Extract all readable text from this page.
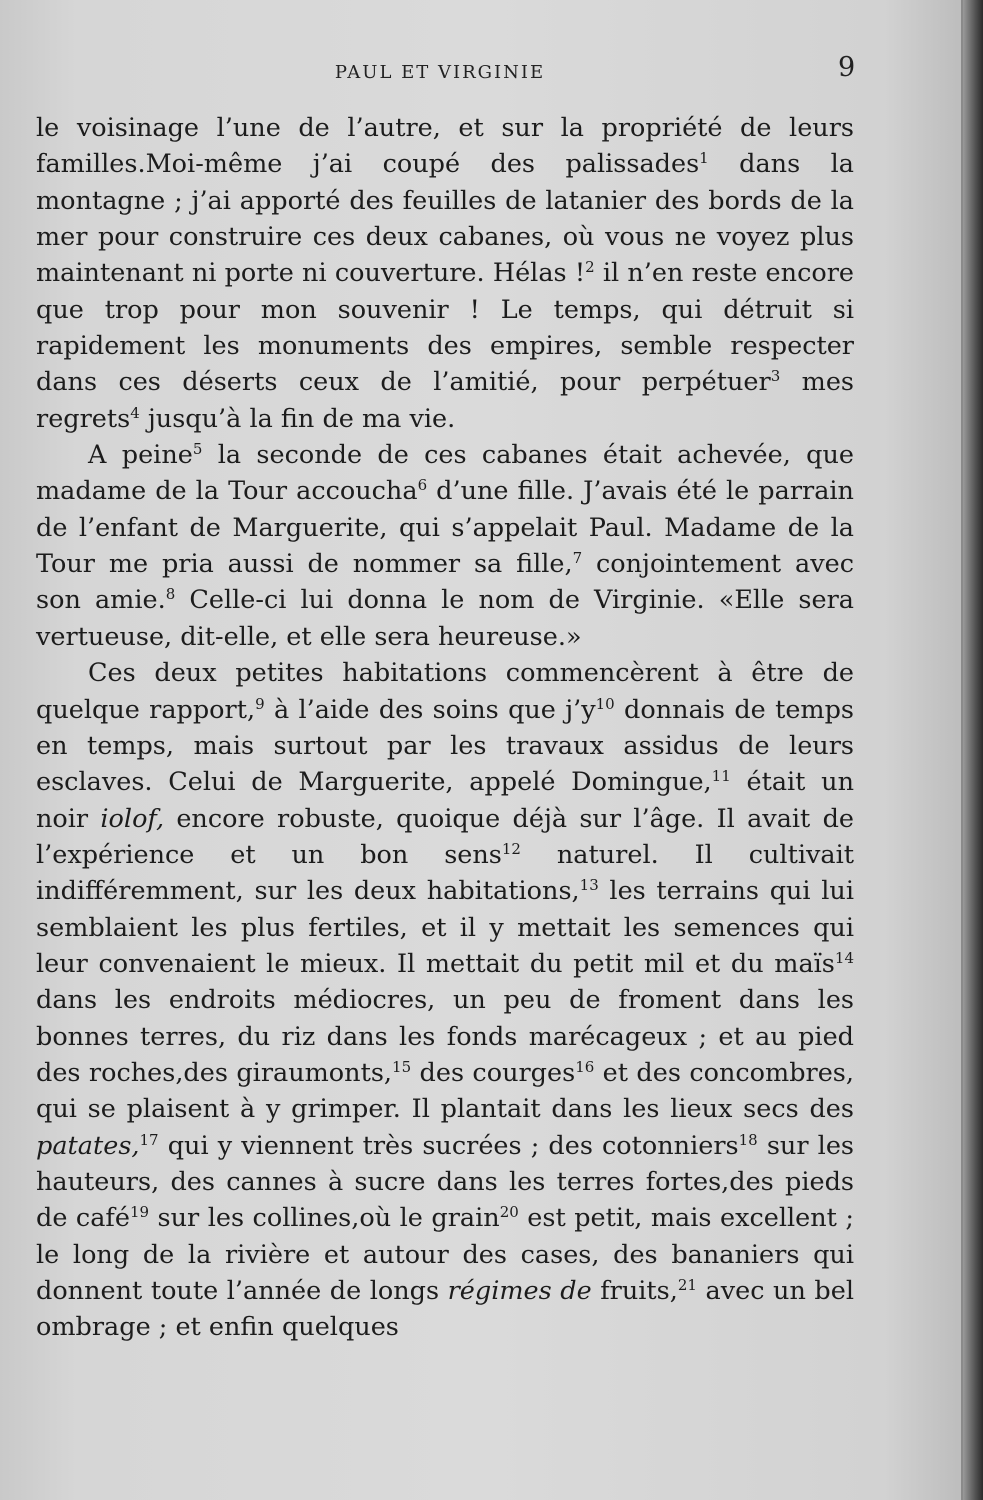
PAUL ET VIRGINIE	9

le voisinage l’une de l’autre, et sur la propriété de leurs familles.Moi-même j’ai coupé des palissades$^1$ dans la montagne ; j’ai apporté des feuilles de latanier des bords de la mer pour construire ces deux cabanes, où vous ne voyez plus maintenant ni porte ni couverture. Hélas !$^2$ il n’en reste encore que trop pour mon souvenir ! Le temps, qui détruit si rapidement les monuments des empires, semble respecter dans ces déserts ceux de l’amitié, pour perpétuer$^3$ mes regrets$^4$ jusqu’à la fin de ma vie.

A peine$^5$ la seconde de ces cabanes était achevée, que madame de la Tour accoucha$^6$ d’une fille. J’avais été le parrain de l’enfant de Marguerite, qui s’appelait Paul. Madame de la Tour me pria aussi de nommer sa fille,$^7$ conjointement avec son amie.$^8$ Celle-ci lui donna le nom de Virginie. «Elle sera vertueuse, dit-elle, et elle sera heureuse.»

Ces deux petites habitations commencèrent à être de quelque rapport,$^9$ à l’aide des soins que $j’y^{10}$ donnais de temps en temps, mais surtout par les travaux assidus de leurs esclaves. Celui de Marguerite, appelé Domingue,$^{11}$ était un noir iolof, encore robuste, quoique déjà sur l’âge. Il avait de l’expérience et un bon sens$^{12}$ naturel. Il cultivait indifféremment, sur les deux habitations,$^{13}$ les terrains qui lui semblaient les plus fertiles, et il y mettait les semences qui leur convenaient le mieux. Il mettait du petit mil et du maïs$^{14}$ dans les endroits médiocres, un peu de froment dans les bonnes terres, du riz dans les fonds marécageux ; et au pied des roches,des giraumonts,$^{15}$ des courges$^{16}$ et des concombres, qui se plaisent à y grimper. Il plantait dans les lieux secs des patates,$^{17}$ qui y viennent très sucrées ; des cotonniers$^{18}$ sur les hauteurs, des cannes à sucre dans les terres fortes,des pieds de café$^{19}$ sur les collines,où le grain$^{20}$ est petit, mais excellent ; le long de la rivière et autour des cases, des bananiers qui donnent toute l’année de longs régimes de fruits,$^{21}$ avec un bel ombrage ; et enfin quelques
